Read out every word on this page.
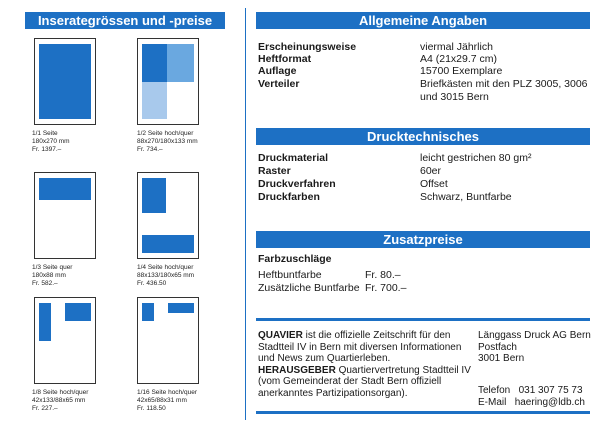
Inserategrössen und -preise
1/1 Seite
180x270 mm
Fr. 1397.–
1/2 Seite hoch/quer
88x270/180x133 mm
Fr. 734.–
1/3 Seite quer
180x88 mm
Fr. 582.–
1/4 Seite hoch/quer
88x133/180x65 mm
Fr. 436.50
1/8 Seite hoch/quer
42x133/88x65 mm
Fr. 227.–
1/16 Seite hoch/quer
42x65/88x31 mm
Fr. 118.50
Allgemeine Angaben
Erscheinungsweise	viermal Jährlich
Heftformat	A4 (21x29.7 cm)
Auflage	15700 Exemplare
Verteiler	Briefkästen mit den PLZ 3005, 3006
und 3015 Bern
Drucktechnisches
Druckmaterial	leicht gestrichen 80 gm²
Raster	60er
Druckverfahren	Offset
Druckfarben	Schwarz, Buntfarbe
Zusatzpreise
Farbzuschläge
Heftbuntfarbe	Fr. 80.–
Zusätzliche Buntfarbe Fr. 700.–
QUAVIER ist die offizielle Zeitschrift für den
Stadtteil IV in Bern mit diversen Informationen
und News zum Quartierleben.
HERAUSGEBER Quartiervertretung Stadtteil IV
(vom Gemeinderat der Stadt Bern offiziell
anerkanntes Partizipationsorgan).
Länggass Druck AG Bern
Postfach
3001 Bern
Telefon 031 307 75 73
E-Mail haering@ldb.ch
